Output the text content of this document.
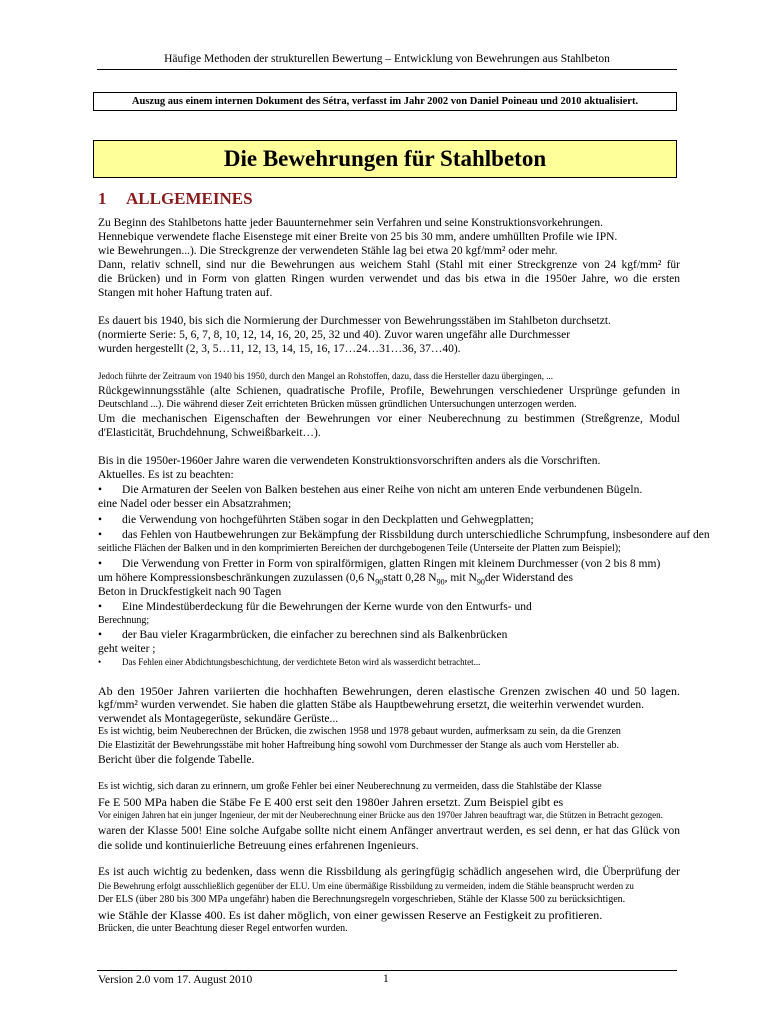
Häufige Methoden der strukturellen Bewertung – Entwicklung von Bewehrungen aus Stahlbeton
Auszug aus einem internen Dokument des Sétra, verfasst im Jahr 2002 von Daniel Poineau und 2010 aktualisiert.
Die Bewehrungen für Stahlbeton
1 ALLGEMEINES
Zu Beginn des Stahlbetons hatte jeder Bauunternehmer sein Verfahren und seine Konstruktionsvorkehrungen.
Hennebique verwendete flache Eisenstege mit einer Breite von 25 bis 30 mm, andere umhüllten Profile wie IPN.
wie Bewehrungen...). Die Streckgrenze der verwendeten Stähle lag bei etwa 20 kgf/mm² oder mehr.
Dann, relativ schnell, sind nur die Bewehrungen aus weichem Stahl (Stahl mit einer Streckgrenze von 24 kgf/mm² für
die Brücken) und in Form von glatten Ringen wurden verwendet und das bis etwa in die 1950er Jahre, wo die ersten
Stangen mit hoher Haftung traten auf.
Es dauert bis 1940, bis sich die Normierung der Durchmesser von Bewehrungsstäben im Stahlbeton durchsetzt.
(normierte Serie: 5, 6, 7, 8, 10, 12, 14, 16, 20, 25, 32 und 40). Zuvor waren ungefähr alle Durchmesser
wurden hergestellt (2, 3, 5…11, 12, 13, 14, 15, 16, 17…24…31…36, 37…40).
Jedoch führte der Zeitraum von 1940 bis 1950, durch den Mangel an Rohstoffen, dazu, dass die Hersteller dazu übergingen, ...
Rückgewinnungsstähle (alte Schienen, quadratische Profile, Profile, Bewehrungen verschiedener Ursprünge gefunden in
Deutschland ...). Die während dieser Zeit errichteten Brücken müssen gründlichen Untersuchungen unterzogen werden.
Um die mechanischen Eigenschaften der Bewehrungen vor einer Neuberechnung zu bestimmen (Streßgrenze, Modul
d'Elasticität, Bruchdehnung, Schweißbarkeit…).
Bis in die 1950er-1960er Jahre waren die verwendeten Konstruktionsvorschriften anders als die Vorschriften.
Aktuelles. Es ist zu beachten:
• Die Armaturen der Seelen von Balken bestehen aus einer Reihe von nicht am unteren Ende verbundenen Bügeln.
eine Nadel oder besser ein Absatzrahmen;
• die Verwendung von hochgeführten Stäben sogar in den Deckplatten und Gehwegplatten;
• das Fehlen von Hautbewehrungen zur Bekämpfung der Rissbildung durch unterschiedliche Schrumpfung, insbesondere auf den
seitliche Flächen der Balken und in den komprimierten Bereichen der durchgebogenen Teile (Unterseite der Platten zum Beispiel);
• Die Verwendung von Fretter in Form von spiralförmigen, glatten Ringen mit kleinem Durchmesser (von 2 bis 8 mm)
um höhere Kompressionsbeschränkungen zuzulassen (0,6 $N_{90}statt$ 0,28 $N_{90}$, mit $N_{90}der$ Widerstand des
Beton in Druckfestigkeit nach 90 Tagen
• Eine Mindestüberdeckung für die Bewehrungen der Kerne wurde von den Entwurfs- und
Berechnung;
• der Bau vieler Kragarmbrücken, die einfacher zu berechnen sind als Balkenbrücken
geht weiter ;
• Das Fehlen einer Abdichtungsbeschichtung, der verdichtete Beton wird als wasserdicht betrachtet...
Ab den 1950er Jahren variierten die hochhaften Bewehrungen, deren elastische Grenzen zwischen 40 und 50 lagen.
kgf/mm² wurden verwendet. Sie haben die glatten Stäbe als Hauptbewehrung ersetzt, die weiterhin verwendet wurden.
verwendet als Montagegerüste, sekundäre Gerüste...
Es ist wichtig, beim Neuberechnen der Brücken, die zwischen 1958 und 1978 gebaut wurden, aufmerksam zu sein, da die Grenzen
Die Elastizität der Bewehrungsstäbe mit hoher Haftreibung hing sowohl vom Durchmesser der Stange als auch vom Hersteller ab.
Bericht über die folgende Tabelle.
Es ist wichtig, sich daran zu erinnern, um große Fehler bei einer Neuberechnung zu vermeiden, dass die Stahlstäbe der Klasse
Fe E 500 MPa haben die Stäbe Fe E 400 erst seit den 1980er Jahren ersetzt. Zum Beispiel gibt es
Vor einigen Jahren hat ein junger Ingenieur, der mit der Neuberechnung einer Brücke aus den 1970er Jahren beauftragt war, die Stützen in Betracht gezogen.
waren der Klasse 500! Eine solche Aufgabe sollte nicht einem Anfänger anvertraut werden, es sei denn, er hat das Glück von
die solide und kontinuierliche Betreuung eines erfahrenen Ingenieurs.
Es ist auch wichtig zu bedenken, dass wenn die Rissbildung als geringfügig schädlich angesehen wird, die Überprüfung der
Die Bewehrung erfolgt ausschließlich gegenüber der ELU. Um eine übermäßige Rissbildung zu vermeiden, indem die Stähle beansprucht werden zu
Der ELS (über 280 bis 300 MPa ungefähr) haben die Berechnungsregeln vorgeschrieben, Stähle der Klasse 500 zu berücksichtigen.
wie Stähle der Klasse 400. Es ist daher möglich, von einer gewissen Reserve an Festigkeit zu profitieren.
Brücken, die unter Beachtung dieser Regel entworfen wurden.
Version 2.0 vom 17. August 2010	1
